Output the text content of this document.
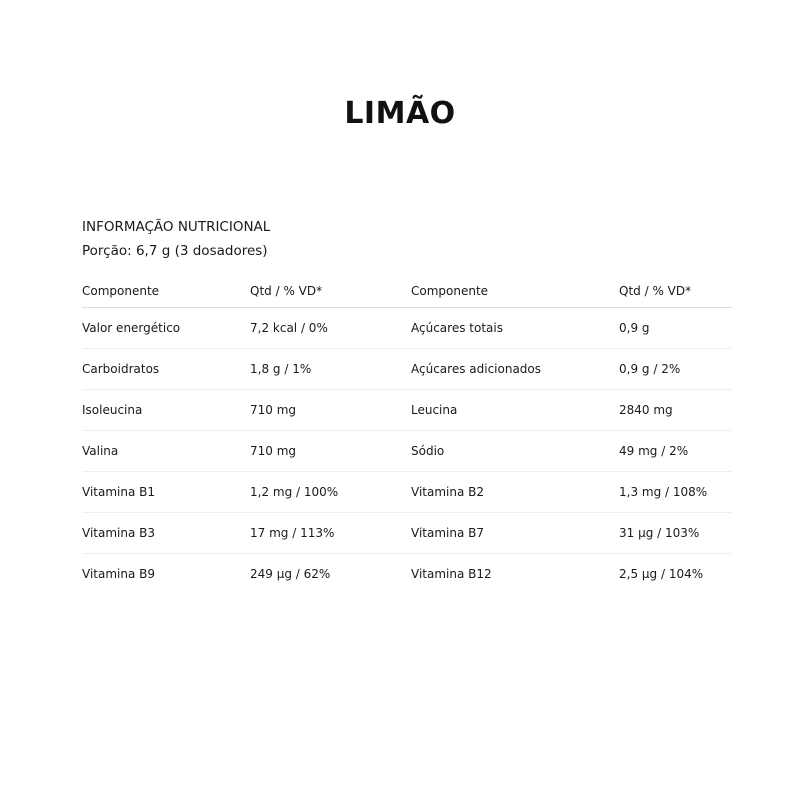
LIMÃO

INFORMAÇÃO NUTRICIONAL

Porção: 6,7 g (3 dosadores)

Componente	Qtd / % VD*	Componente	Qtd / % VD*
Valor energético	7,2 kcal / 0%	Açúcares totais	0,9 g
Carboidratos	1,8 g / 1%	Açúcares adicionados	0,9 g / 2%
Isoleucina	710 mg	Leucina	2840 mg
Valina	710 mg	Sódio	49 mg / 2%
Vitamina B1	1,2 mg / 100%	Vitamina B2	1,3 mg / 108%
Vitamina B3	17 mg / 113%	Vitamina B7	31 µg / 103%
Vitamina B9	249 µg / 62%	Vitamina B12	2,5 µg / 104%
